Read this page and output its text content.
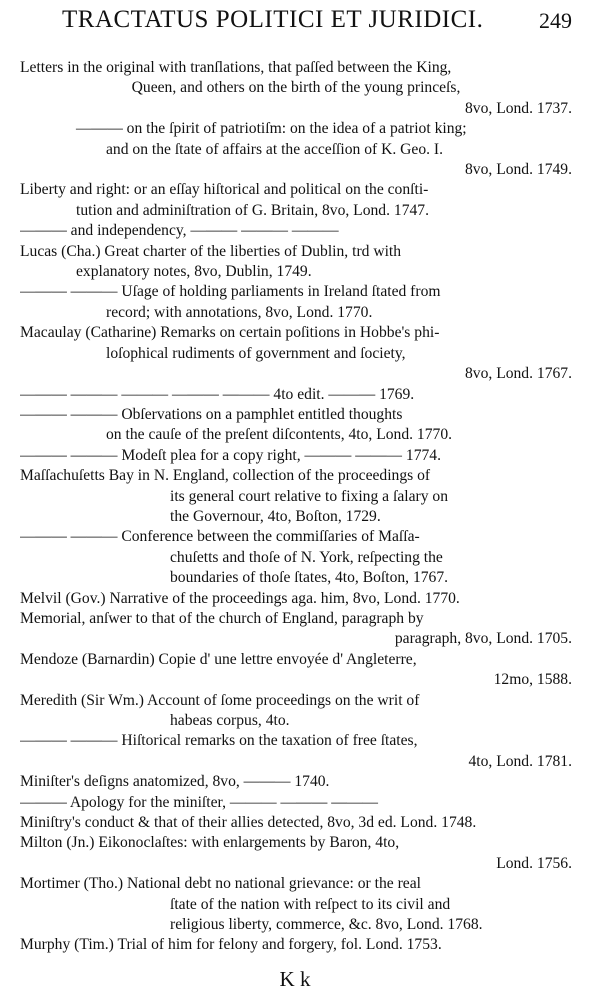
TRACTATUS POLITICI ET JURIDICI.	249
Letters in the original with tranſlations, that paſſed between the King,
Queen, and others on the birth of the young princeſs,
8vo, Lond. 1737.
——— on the ſpirit of patriotiſm: on the idea of a patriot king;
and on the ſtate of affairs at the acceſſion of K. Geo. I.
8vo, Lond. 1749.
Liberty and right: or an eſſay hiſtorical and political on the conſti-
tution and adminiſtration of G. Britain, 8vo, Lond. 1747.
——— and independency, ——— ——— ———
Lucas (Cha.) Great charter of the liberties of Dublin, trd with
explanatory notes, 8vo, Dublin, 1749.
——— ——— Uſage of holding parliaments in Ireland ſtated from
record; with annotations, 8vo, Lond. 1770.
Macaulay (Catharine) Remarks on certain poſitions in Hobbe's phi-
loſophical rudiments of government and ſociety,
8vo, Lond. 1767.
——— ——— ——— ——— ——— 4to edit. ——— 1769.
——— ——— Obſervations on a pamphlet entitled thoughts
on the cauſe of the preſent diſcontents, 4to, Lond. 1770.
——— ——— Modeſt plea for a copy right, ——— ——— 1774.
Maſſachuſetts Bay in N. England, collection of the proceedings of
its general court relative to fixing a ſalary on
the Governour, 4to, Boſton, 1729.
——— ——— Conference between the commiſſaries of Maſſa-
chuſetts and thoſe of N. York, reſpecting the
boundaries of thoſe ſtates, 4to, Boſton, 1767.
Melvil (Gov.) Narrative of the proceedings aga. him, 8vo, Lond. 1770.
Memorial, anſwer to that of the church of England, paragraph by
paragraph, 8vo, Lond. 1705.
Mendoze (Barnardin) Copie d' une lettre envoyée d' Angleterre,
12mo, 1588.
Meredith (Sir Wm.) Account of ſome proceedings on the writ of
habeas corpus, 4to.
——— ——— Hiſtorical remarks on the taxation of free ſtates,
4to, Lond. 1781.
Miniſter's deſigns anatomized, 8vo, ——— 1740.
——— Apology for the miniſter, ——— ——— ———
Miniſtry's conduct & that of their allies detected, 8vo, 3d ed. Lond. 1748.
Milton (Jn.) Eikonoclaſtes: with enlargements by Baron, 4to,
Lond. 1756.
Mortimer (Tho.) National debt no national grievance: or the real
ſtate of the nation with reſpect to its civil and
religious liberty, commerce, &c. 8vo, Lond. 1768.
Murphy (Tim.) Trial of him for felony and forgery, fol. Lond. 1753.
K k
